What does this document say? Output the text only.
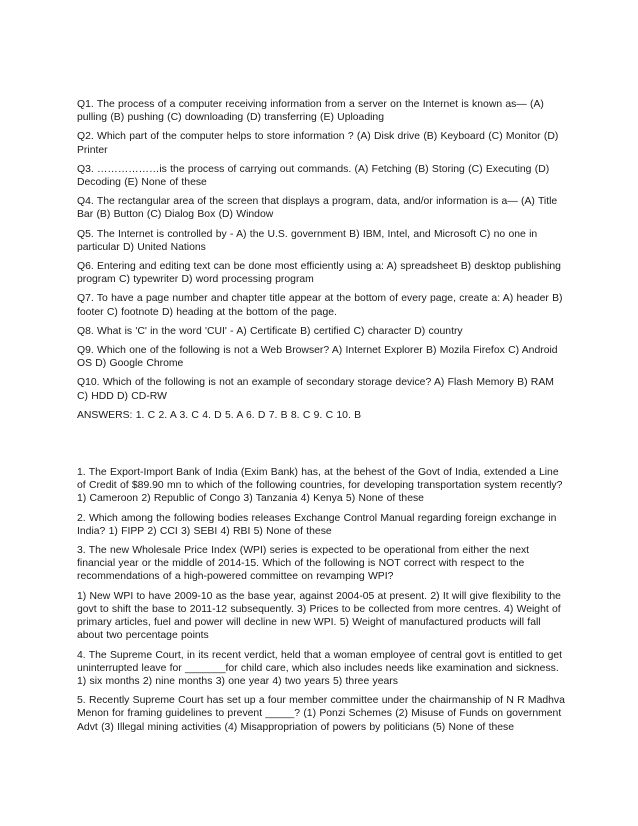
Q1. The process of a computer receiving information from a server on the Internet is known as— (A) pulling (B) pushing (C) downloading (D) transferring (E) Uploading

Q2. Which part of the computer helps to store information ? (A) Disk drive (B) Keyboard (C) Monitor (D) Printer

Q3. ………………is the process of carrying out commands. (A) Fetching (B) Storing (C) Executing (D) Decoding (E) None of these

Q4. The rectangular area of the screen that displays a program, data, and/or information is a— (A) Title Bar (B) Button (C) Dialog Box (D) Window

Q5. The Internet is controlled by - A) the U.S. government B) IBM, Intel, and Microsoft C) no one in particular D) United Nations

Q6. Entering and editing text can be done most efficiently using a: A) spreadsheet B) desktop publishing program C) typewriter D) word processing program

Q7. To have a page number and chapter title appear at the bottom of every page, create a: A) header B) footer C) footnote D) heading at the bottom of the page.

Q8. What is 'C' in the word 'CUI' - A) Certificate B) certified C) character D) country

Q9. Which one of the following is not a Web Browser? A) Internet Explorer B) Mozila Firefox C) Android OS D) Google Chrome

Q10. Which of the following is not an example of secondary storage device? A) Flash Memory B) RAM C) HDD D) CD-RW

ANSWERS: 1. C 2. A 3. C 4. D 5. A 6. D 7. B 8. C 9. C 10. B

1. The Export-Import Bank of India (Exim Bank) has, at the behest of the Govt of India, extended a Line of Credit of $89.90 mn to which of the following countries, for developing transportation system recently? 1) Cameroon 2) Republic of Congo 3) Tanzania 4) Kenya 5) None of these

2. Which among the following bodies releases Exchange Control Manual regarding foreign exchange in India? 1) FIPP 2) CCI 3) SEBI 4) RBI 5) None of these

3. The new Wholesale Price Index (WPI) series is expected to be operational from either the next financial year or the middle of 2014-15. Which of the following is NOT correct with respect to the recommendations of a high-powered committee on revamping WPI?

1) New WPI to have 2009-10 as the base year, against 2004-05 at present. 2) It will give flexibility to the govt to shift the base to 2011-12 subsequently. 3) Prices to be collected from more centres. 4) Weight of primary articles, fuel and power will decline in new WPI. 5) Weight of manufactured products will fall about two percentage points

4. The Supreme Court, in its recent verdict, held that a woman employee of central govt is entitled to get uninterrupted leave for _______for child care, which also includes needs like examination and sickness. 1) six months 2) nine months 3) one year 4) two years 5) three years

5. Recently Supreme Court has set up a four member committee under the chairmanship of N R Madhva Menon for framing guidelines to prevent _____? (1) Ponzi Schemes (2) Misuse of Funds on government Advt (3) Illegal mining activities (4) Misappropriation of powers by politicians (5) None of these
